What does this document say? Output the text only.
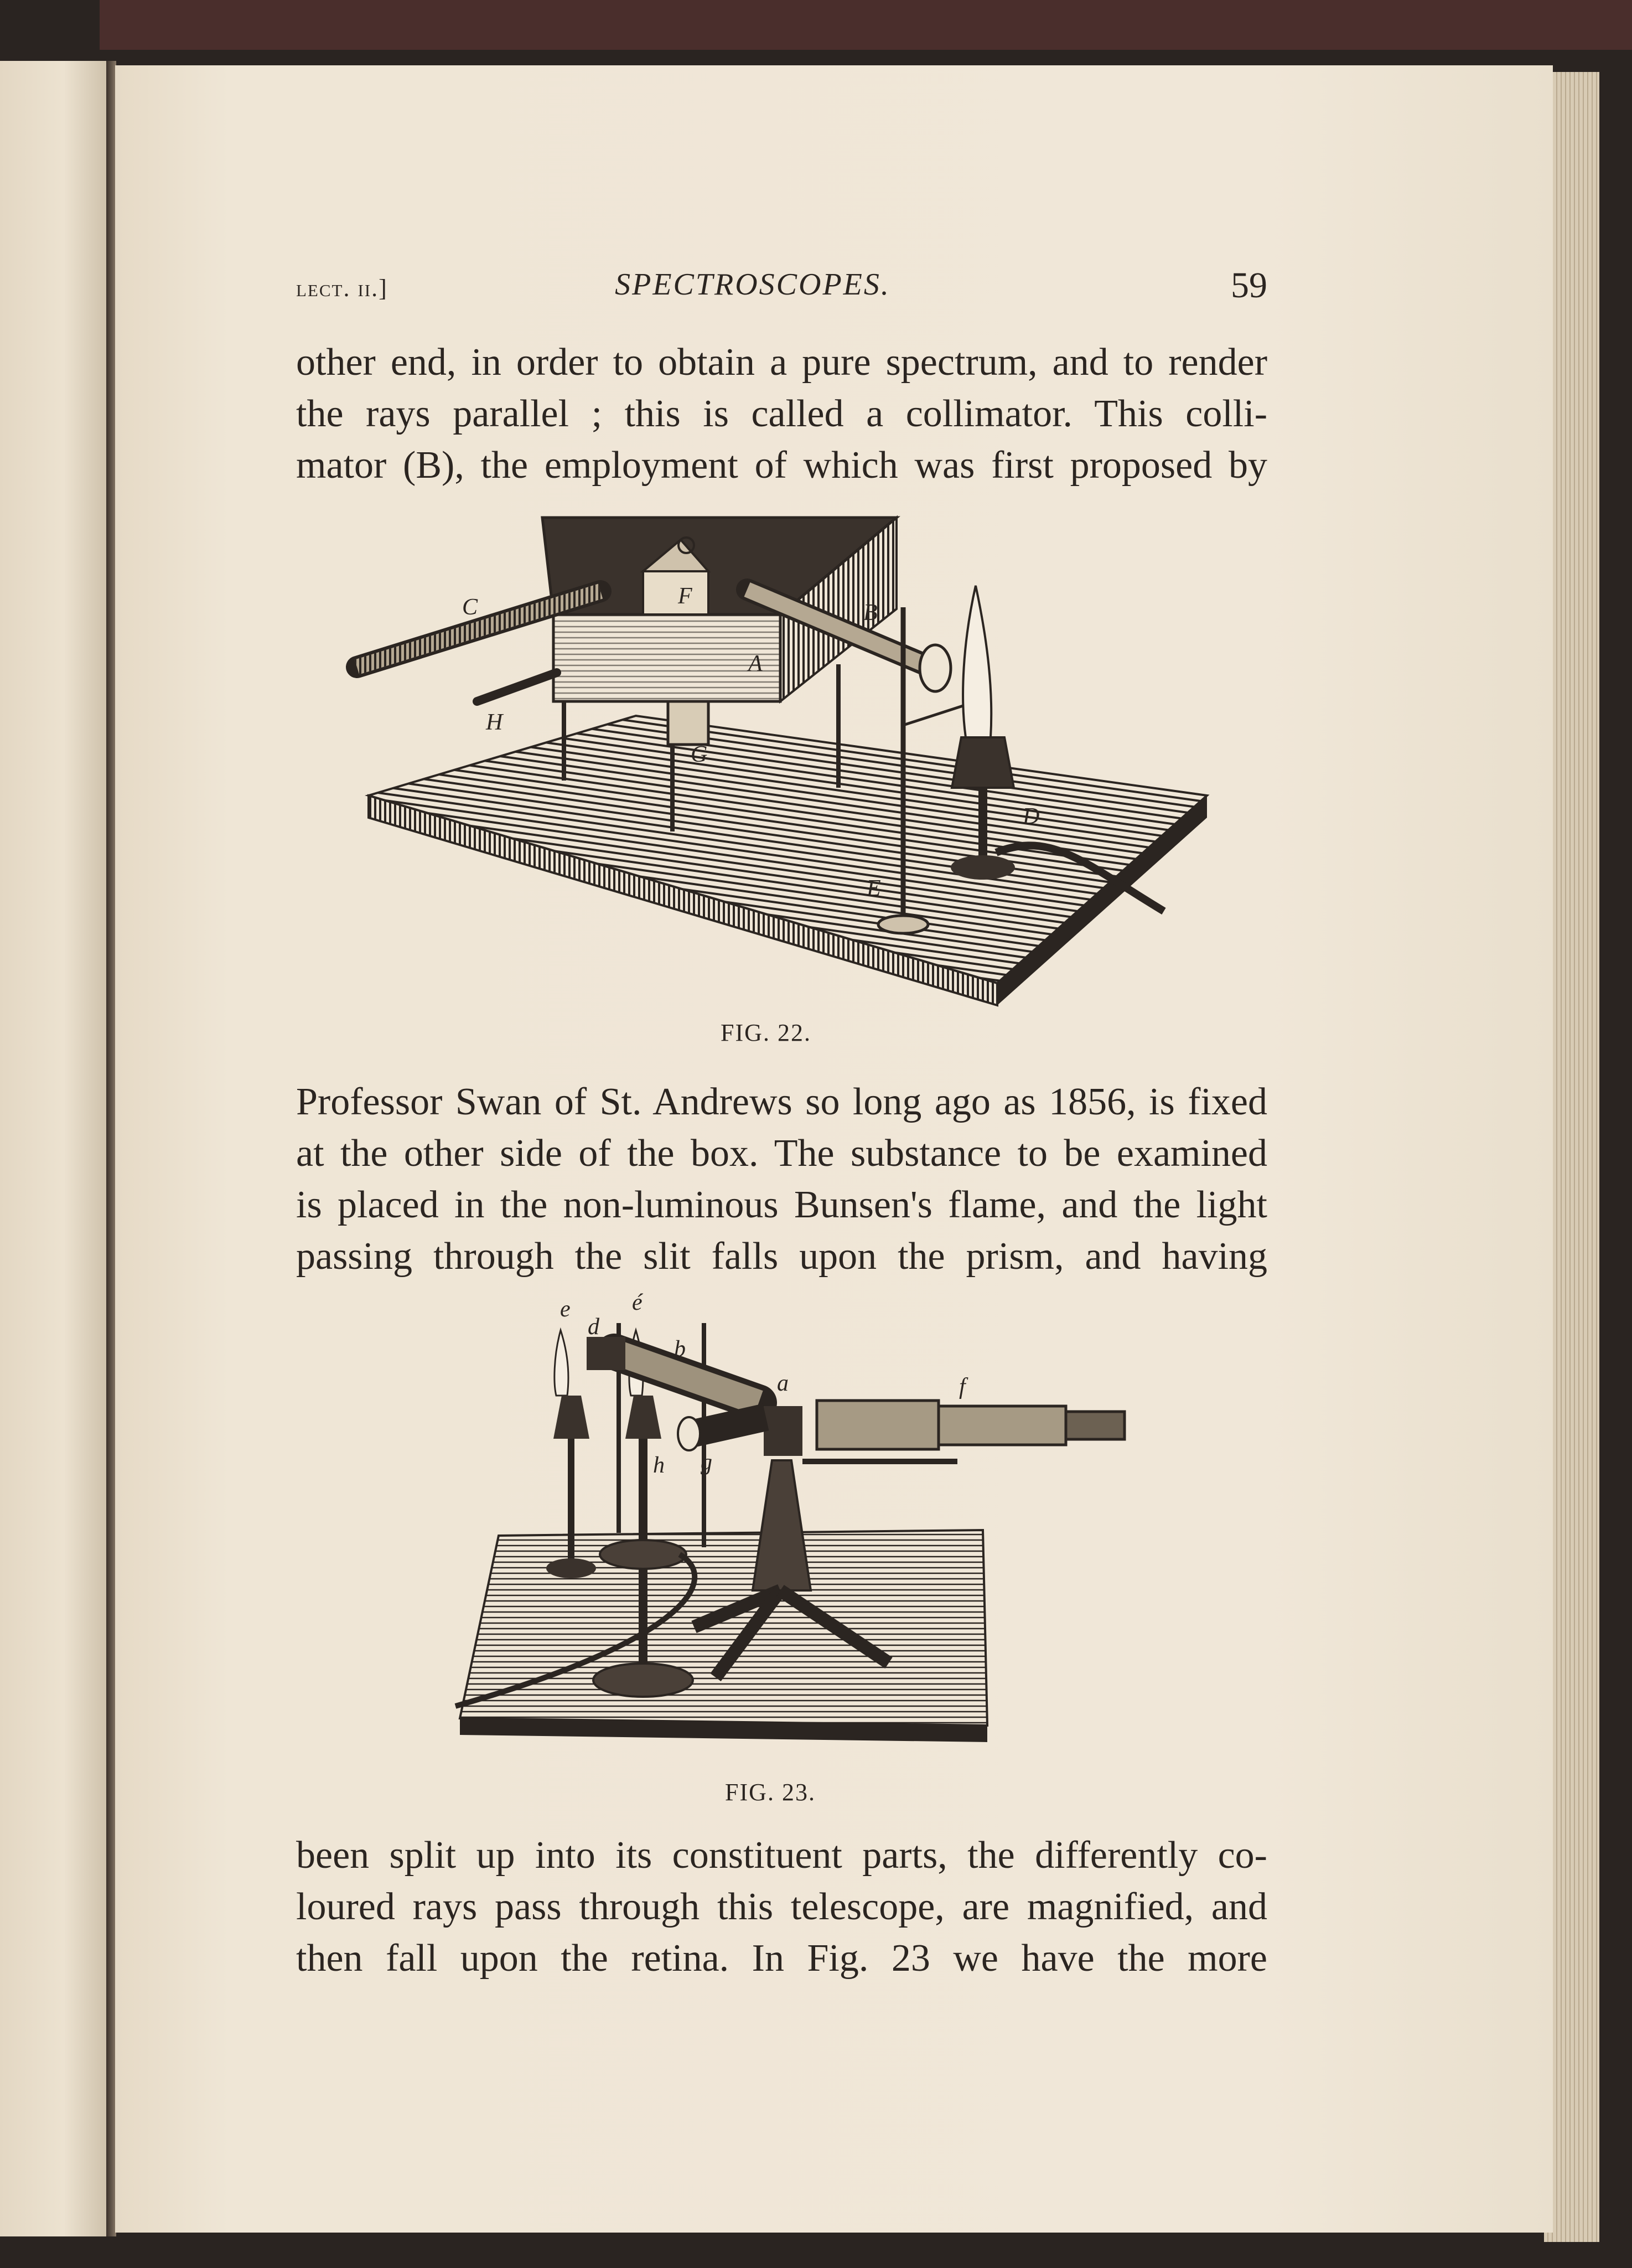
lect. ii.]	SPECTROSCOPES.	59
other end, in order to obtain a pure spectrum, and to render
the rays parallel ; this is called a collimator. This colli-
mator (B), the employment of which was first proposed by
Professor Swan of St. Andrews so long ago as 1856, is fixed
at the other side of the box. The substance to be examined
is placed in the non-luminous Bunsen's flame, and the light
passing through the slit falls upon the prism, and having
been split up into its constituent parts, the differently co-
loured rays pass through this telescope, are magnified, and
then fall upon the retina. In Fig. 23 we have the more
C	F
B
A
H
G
D
E
FIG. 22.
e
d
é
b
a	f
g
h
FIG. 23.
